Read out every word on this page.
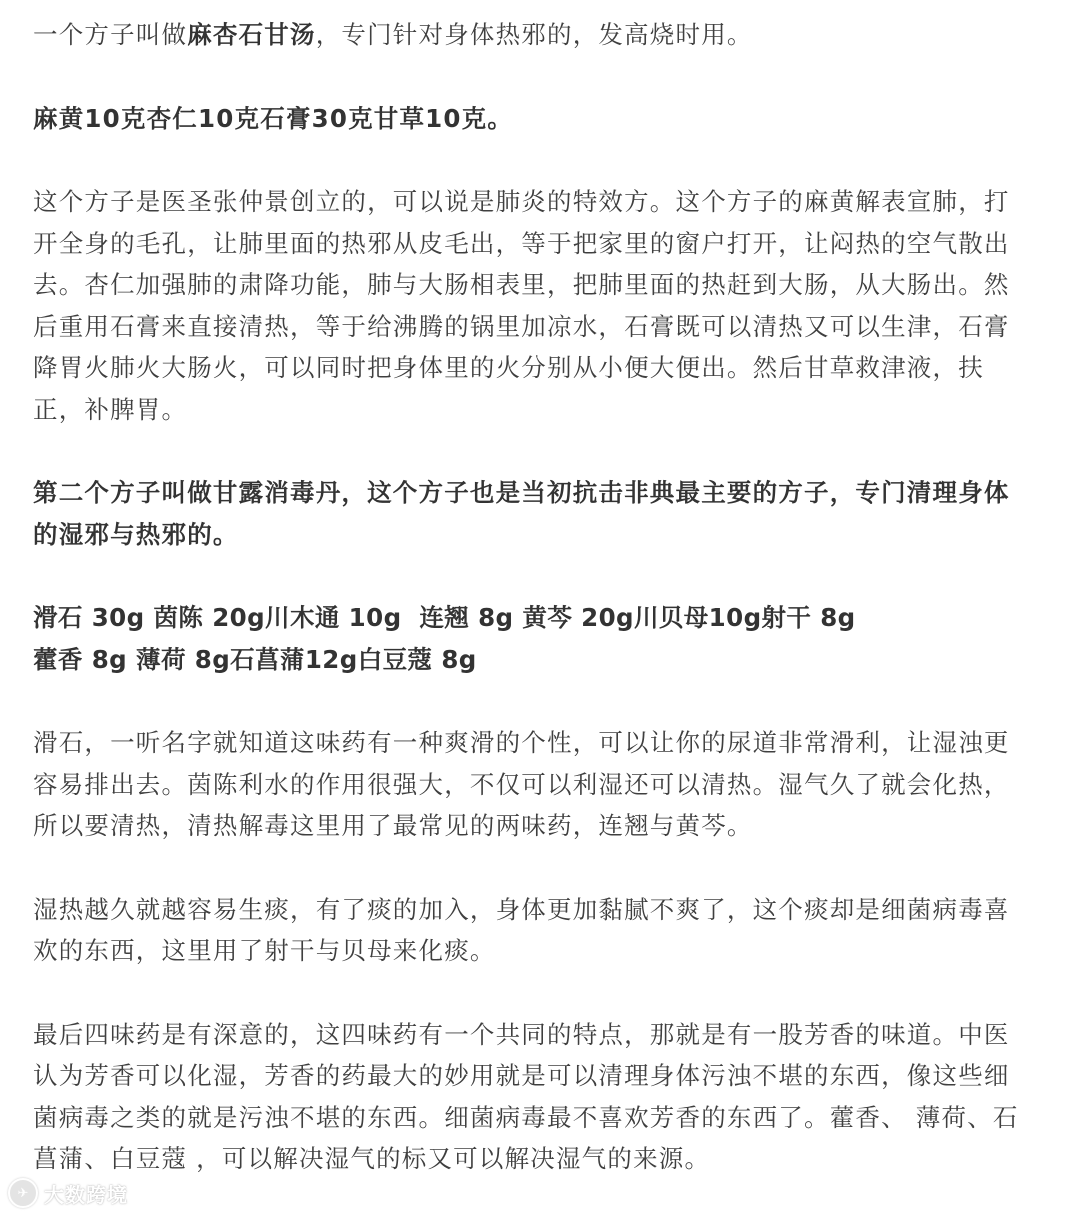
一个方子叫做麻杏石甘汤，专门针对身体热邪的，发高烧时用。

麻黄10克杏仁10克石膏30克甘草10克。

这个方子是医圣张仲景创立的，可以说是肺炎的特效方。这个方子的麻黄解表宣肺，打开全身的毛孔，让肺里面的热邪从皮毛出，等于把家里的窗户打开，让闷热的空气散出去。杏仁加强肺的肃降功能，肺与大肠相表里，把肺里面的热赶到大肠，从大肠出。然后重用石膏来直接清热，等于给沸腾的锅里加凉水，石膏既可以清热又可以生津，石膏降胃火肺火大肠火，可以同时把身体里的火分别从小便大便出。然后甘草救津液，扶正，补脾胃。

第二个方子叫做甘露消毒丹，这个方子也是当初抗击非典最主要的方子，专门清理身体的湿邪与热邪的。

滑石 30g 茵陈 20g川木通 10g  连翘 8g 黄芩 20g川贝母10g射干 8g

藿香 8g 薄荷 8g石菖蒲12g白豆蔻 8g

滑石，一听名字就知道这味药有一种爽滑的个性，可以让你的尿道非常滑利，让湿浊更容易排出去。茵陈利水的作用很强大，不仅可以利湿还可以清热。湿气久了就会化热，所以要清热，清热解毒这里用了最常见的两味药，连翘与黄芩。

湿热越久就越容易生痰，有了痰的加入，身体更加黏腻不爽了，这个痰却是细菌病毒喜欢的东西，这里用了射干与贝母来化痰。

最后四味药是有深意的，这四味药有一个共同的特点，那就是有一股芳香的味道。中医认为芳香可以化湿，芳香的药最大的妙用就是可以清理身体污浊不堪的东西，像这些细菌病毒之类的就是污浊不堪的东西。细菌病毒最不喜欢芳香的东西了。藿香、 薄荷、石菖蒲、白豆蔻 ，可以解决湿气的标又可以解决湿气的来源。

✈ 大数跨境
